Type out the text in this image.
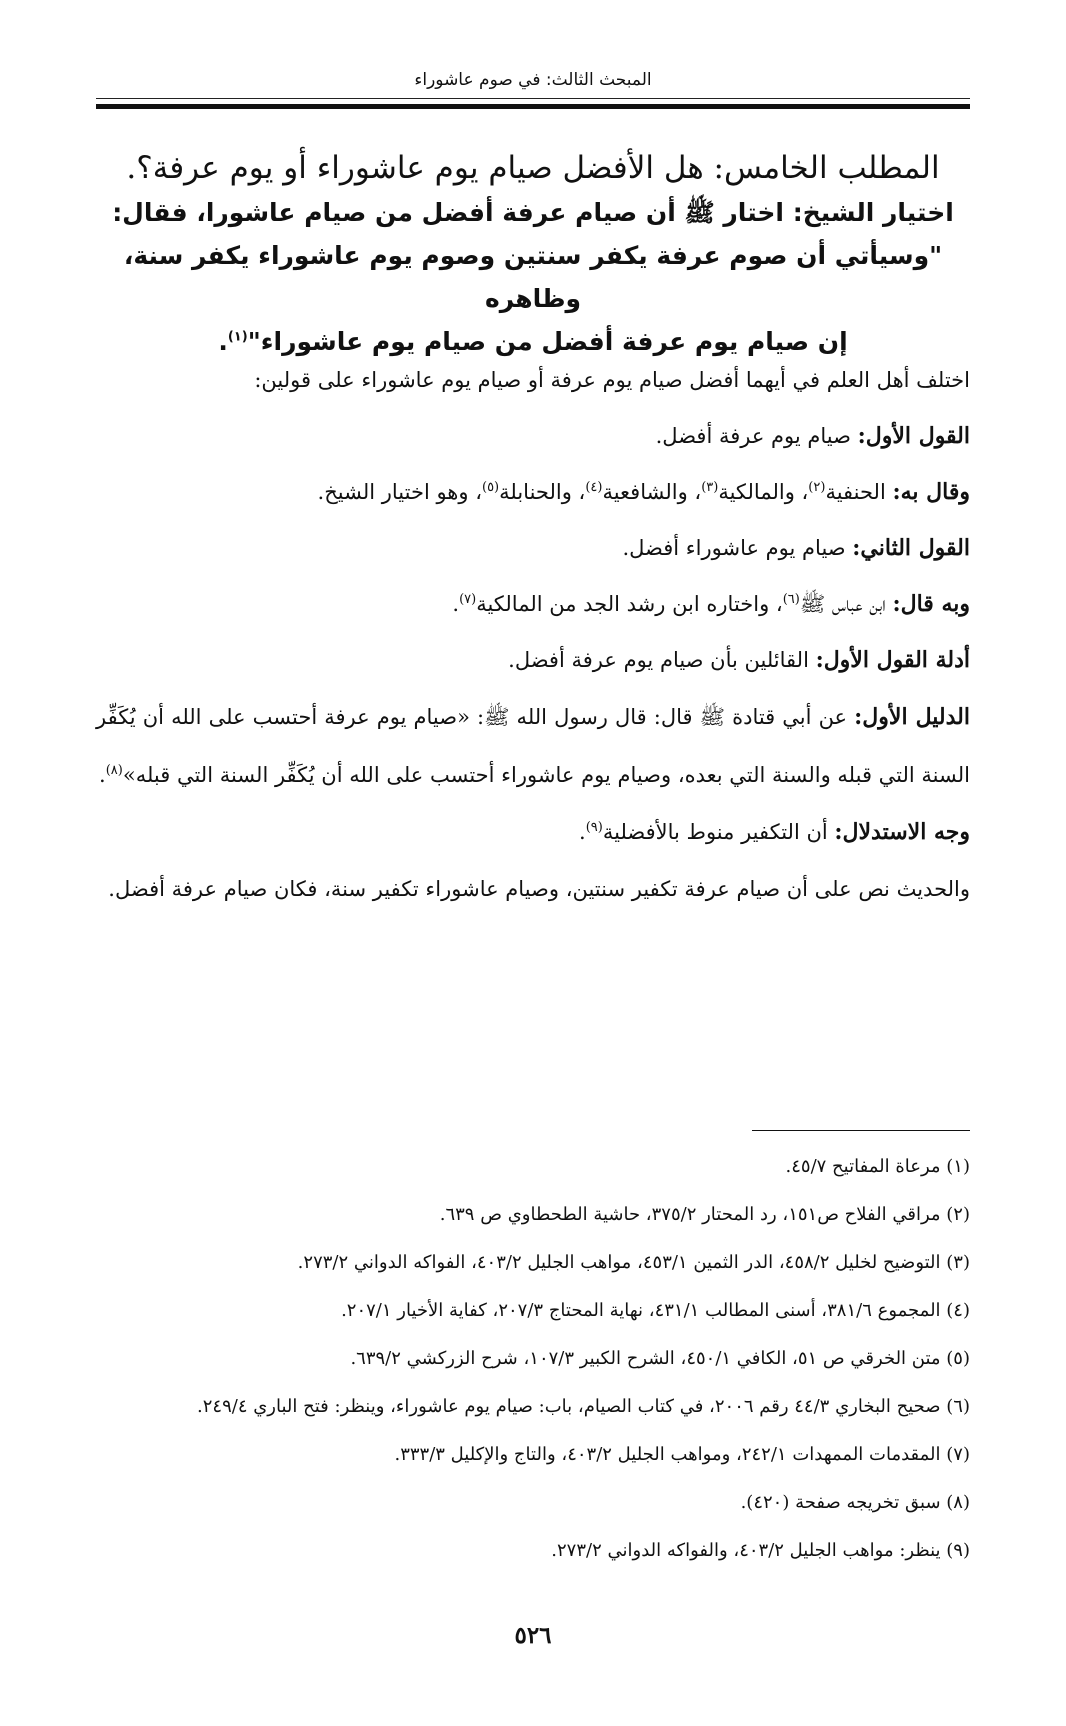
المبحث الثالث: في صوم عاشوراء

المطلب الخامس: هل الأفضل صيام يوم عاشوراء أو يوم عرفة؟.

اختيار الشيخ: اختار ﷺ أن صيام عرفة أفضل من صيام عاشورا، فقال:

"وسيأتي أن صوم عرفة يكفر سنتين وصوم يوم عاشوراء يكفر سنة، وظاهره

إن صيام يوم عرفة أفضل من صيام يوم عاشوراء"$^{(١)}$.

اختلف أهل العلم في أيهما أفضل صيام يوم عرفة أو صيام يوم عاشوراء على قولين:

القول الأول: صيام يوم عرفة أفضل.

وقال به: الحنفية$^{(٢)}$، والمالكية$^{(٣)}$، والشافعية$^{(٤)}$، والحنابلة$^{(٥)}$، وهو اختيار الشيخ.

القول الثاني: صيام يوم عاشوراء أفضل.

وبه قال: ابن عباس ﷺ$^{(٦)}$، واختاره ابن رشد الجد من المالكية$^{(٧)}$.

أدلة القول الأول: القائلين بأن صيام يوم عرفة أفضل.

الدليل الأول: عن أبي قتادة ﷺ قال: قال رسول الله ﷺ: «صيام يوم عرفة أحتسب على الله أن يُكَفِّر السنة التي قبله والسنة التي بعده، وصيام يوم عاشوراء أحتسب على الله أن يُكَفِّر السنة التي قبله»$^{(٨)}$.

وجه الاستدلال: أن التكفير منوط بالأفضلية$^{(٩)}$.

والحديث نص على أن صيام عرفة تكفير سنتين، وصيام عاشوراء تكفير سنة، فكان صيام عرفة أفضل.

(١) مرعاة المفاتيح ٤٥/٧.

(٢) مراقي الفلاح ص١٥١، رد المحتار ٣٧٥/٢، حاشية الطحطاوي ص ٦٣٩.

(٣) التوضيح لخليل ٤٥٨/٢، الدر الثمين ٤٥٣/١، مواهب الجليل ٤٠٣/٢، الفواكه الدواني ٢٧٣/٢.

(٤) المجموع ٣٨١/٦، أسنى المطالب ٤٣١/١، نهاية المحتاج ٢٠٧/٣، كفاية الأخيار ٢٠٧/١.

(٥) متن الخرقي ص ٥١، الكافي ٤٥٠/١، الشرح الكبير ١٠٧/٣، شرح الزركشي ٦٣٩/٢.

(٦) صحيح البخاري ٤٤/٣ رقم ٢٠٠٦، في كتاب الصيام، باب: صيام يوم عاشوراء، وينظر: فتح الباري ٢٤٩/٤.

(٧) المقدمات الممهدات ٢٤٢/١، ومواهب الجليل ٤٠٣/٢، والتاج والإكليل ٣٣٣/٣.

(٨) سبق تخريجه صفحة (٤٢٠).

(٩) ينظر: مواهب الجليل ٤٠٣/٢، والفواكه الدواني ٢٧٣/٢.

٥٢٦
